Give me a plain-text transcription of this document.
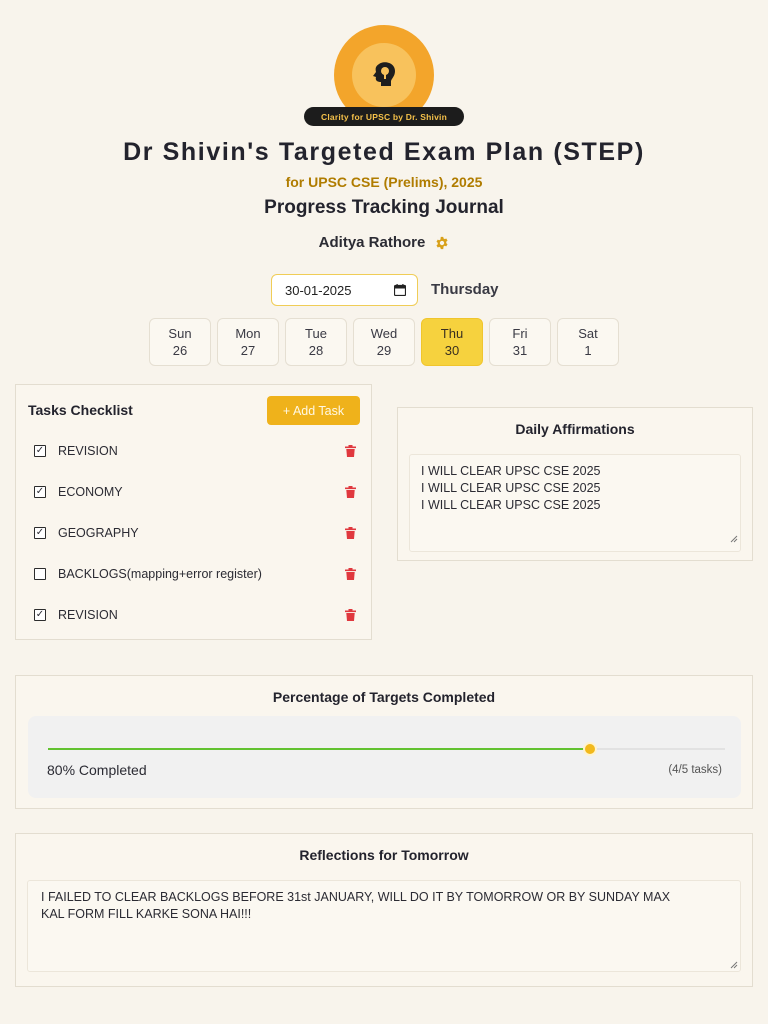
Clarity for UPSC by Dr. Shivin
Dr Shivin's Targeted Exam Plan (STEP)
for UPSC CSE (Prelims), 2025
Progress Tracking Journal
Aditya Rathore
30-01-2025	Thursday
Sun
26
Mon
27
Tue
28
Wed
29
Thu
30
Fri
31
Sat
1
Tasks Checklist	+ Add Task
✓ REVISION
✓ ECONOMY
✓ GEOGRAPHY
BACKLOGS(mapping+error register)
✓ REVISION
Daily Affirmations
I WILL CLEAR UPSC CSE 2025
I WILL CLEAR UPSC CSE 2025
I WILL CLEAR UPSC CSE 2025
Percentage of Targets Completed
80% Completed	(4/5 tasks)
Reflections for Tomorrow
I FAILED TO CLEAR BACKLOGS BEFORE 31st JANUARY, WILL DO IT BY TOMORROW OR BY SUNDAY MAX
KAL FORM FILL KARKE SONA HAI!!!
